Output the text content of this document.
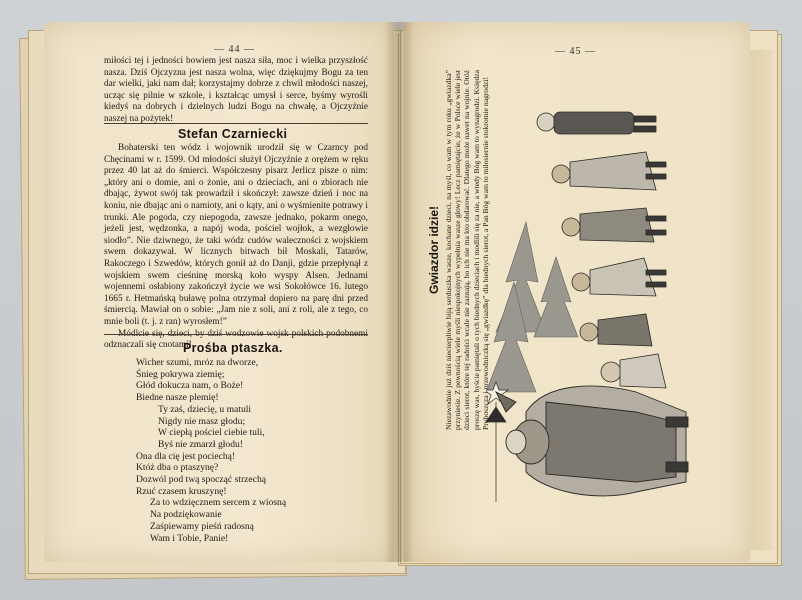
— 44 —

miłości tej i jedności bowiem jest nasza siła, moc i wielka przyszłość nasza. Dziś Ojczyzna jest nasza wolna, więc dziękujmy Bogu za ten dar wielki, jaki nam dał; korzystajmy dobrze z chwil młodości naszej, ucząc się pilnie w szkole, i kształcąc umysł i serce, byśmy wyrośli kiedyś na dobrych i dzielnych ludzi Bogu na chwałę, a Ojczyźnie naszej na pożytek!

Stefan Czarniecki

Bohaterski ten wódz i wojownik urodził się w Czarncy pod Chęcinami w r. 1599. Od młodości służył Ojczyźnie z orężem w ręku przez 40 lat aż do śmierci. Współczesny pisarz Jerlicz pisze o nim: „który ani o domie, ani o żonie, ani o dzieciach, ani o zbiorach nie dbając, żywot swój tak prowadził i skończył: zawsze dzień i noc na koniu, nie dbając ani o namioty, ani o kąty, ani o wyśmienite potrawy i trunki. Ale pogoda, czy niepogoda, zawsze jednako, pokarm onego, jeżeli jest, wędzonka, a napój woda, pościel wojłok, a wezgłowie siodło”. Nie dziwnego, że taki wódz cudów waleczności z wojskiem swem dokazywał. W licznych bitwach bił Moskali, Tatarów, Rakoczego i Szwedów, których gonił aż do Danji, gdzie przepłynął z wojskiem swem cieśninę morską koło wyspy Alsen. Jednami wojennemi osłabiony zakończył życie we wsi Sokołówce 16. lutego 1665 r. Hetmańską buławę polna otrzymał dopiero na parę dni przed śmiercią. Mawiał on o sobie: „Jam nie z soli, ani z roli, ale z tego, co mnie boli (t. j. z ran) wyrosłem!”

Módlcie się, dzieci, by dziś wodzowie wojsk polskich podobnemi odznaczali się cnotami!

Prośba ptaszka.
Wicher szumi, mróz na dworze,
Śnieg pokrywa ziemię;
Głód dokucza nam, o Boże!
Biedne nasze plemię!
Ty zaś, dziecię, u matuli
Nigdy nie masz głodu;
W ciepłą pościel ciebie tuli,
Byś nie zmarzł głodu!
Ona dla cię jest pociechą!
Któż dba o ptaszynę?
Dozwól pod twą spocząć strzechą
Rzuć czasem kruszynę!
Za to wdzięcznem sercem z wiosną
Na podziękowanie
Zaśpiewamy pieśń radosną
Wam i Tobie, Panie!
— 45 —
Gwiazdor idzie! Niezawodnie już dziś niecierpliwie biją serduszka wasze, kochane dzieci, na myśl, co wam w tym roku „gwiazdka” przyniesie. Z pewnością wiele myśli niespokojnych wypełnia wasze głowy! Lecz pamiętajcie, że w Polsce wiele jest dzieci sierot, które tej radości wcale nie zaznają, bo ich nie ma kto obdarować. Dlatego może nawet na wojnie. Otóż proszę was, byście pamiętali o tych biednych dzieciach i modlili się za nie, a wtedy Bóg wam to wynagrodzi. Księdza Proboszcza i przewodniczką się „gwiazdkę” dla biednych sierot, a Pan Bóg wam to miłosiernie stokrotnie nagrodzi!
